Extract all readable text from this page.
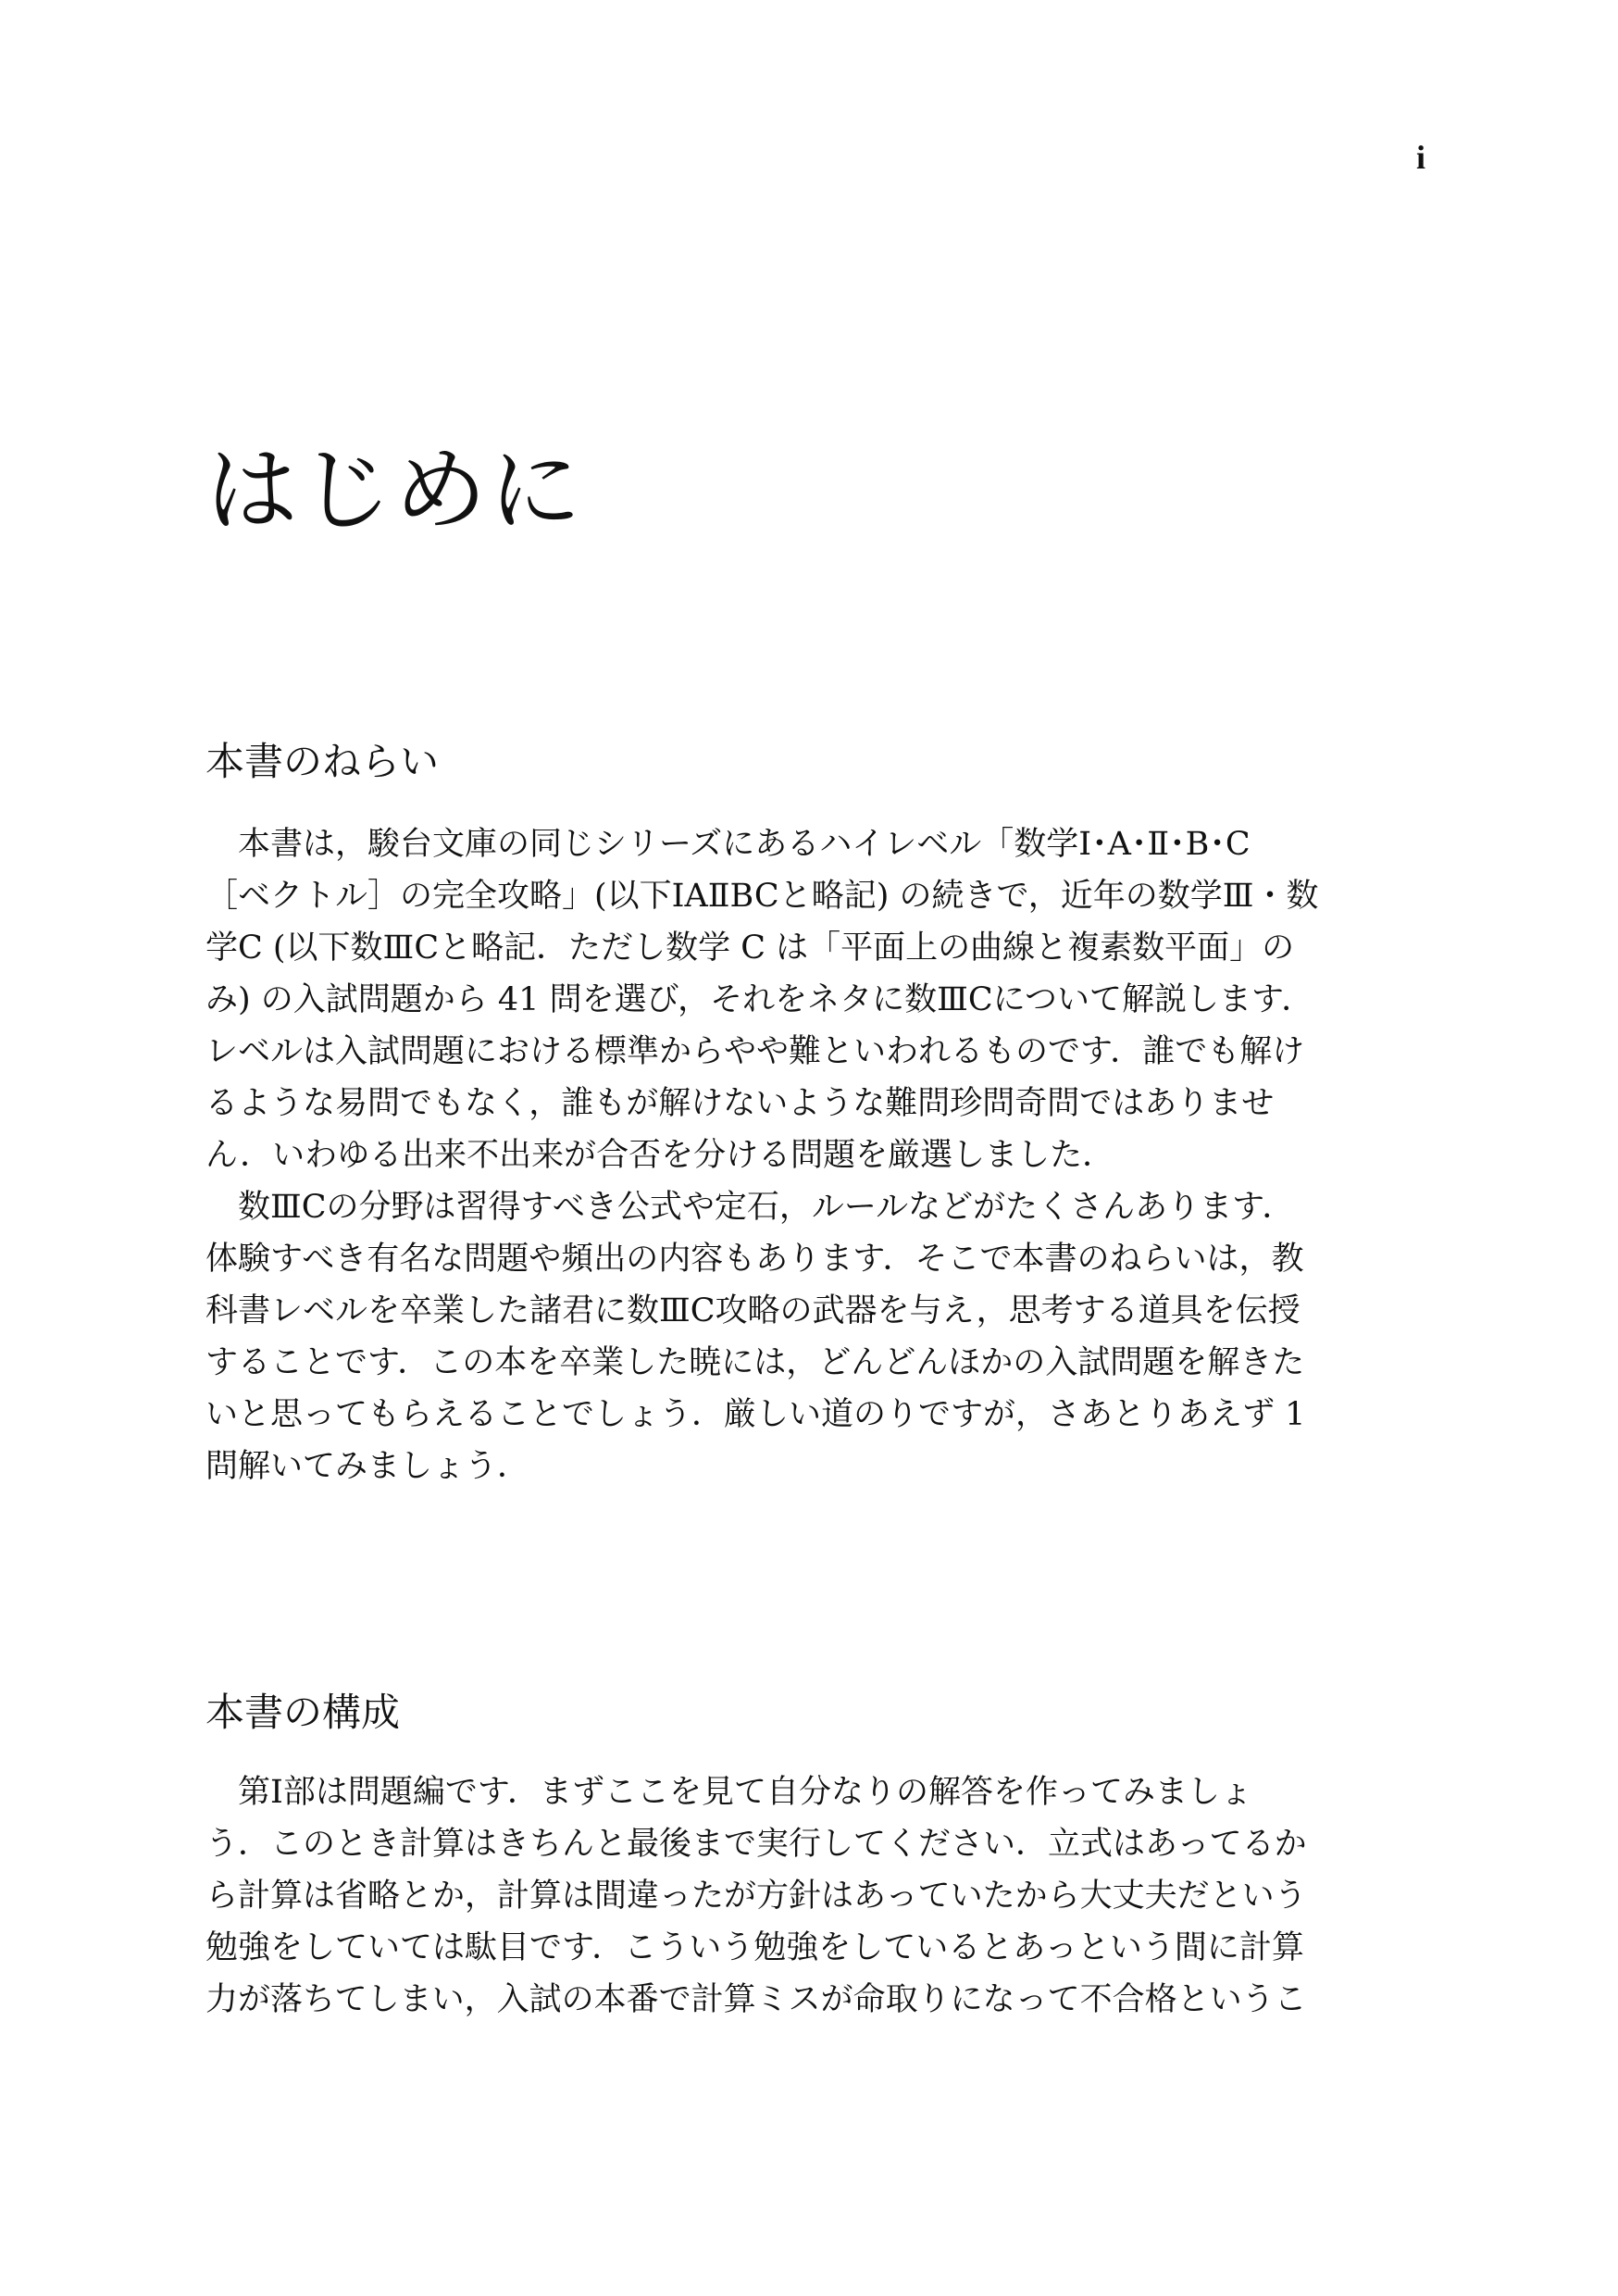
i
はじめに
本書のねらい
　本書は，駿台文庫の同じシリーズにあるハイレベル「数学Ⅰ･A･Ⅱ･B･C
［ベクトル］の完全攻略」(以下ⅠAⅡBCと略記) の続きで，近年の数学Ⅲ・数
学C (以下数ⅢCと略記．ただし数学 C は「平面上の曲線と複素数平面」の
み) の入試問題から 41 問を選び，それをネタに数ⅢCについて解説します．
レベルは入試問題における標準からやや難といわれるものです．誰でも解け
るような易問でもなく，誰もが解けないような難問珍問奇問ではありませ
ん．いわゆる出来不出来が合否を分ける問題を厳選しました．
　数ⅢCの分野は習得すべき公式や定石，ルールなどがたくさんあります．
体験すべき有名な問題や頻出の内容もあります．そこで本書のねらいは，教
科書レベルを卒業した諸君に数ⅢC攻略の武器を与え，思考する道具を伝授
することです．この本を卒業した暁には，どんどんほかの入試問題を解きた
いと思ってもらえることでしょう．厳しい道のりですが，さあとりあえず 1
問解いてみましょう．
本書の構成
　第Ⅰ部は問題編です．まずここを見て自分なりの解答を作ってみましょ
う．このとき計算はきちんと最後まで実行してください．立式はあってるか
ら計算は省略とか，計算は間違ったが方針はあっていたから大丈夫だという
勉強をしていては駄目です．こういう勉強をしているとあっという間に計算
力が落ちてしまい，入試の本番で計算ミスが命取りになって不合格というこ
